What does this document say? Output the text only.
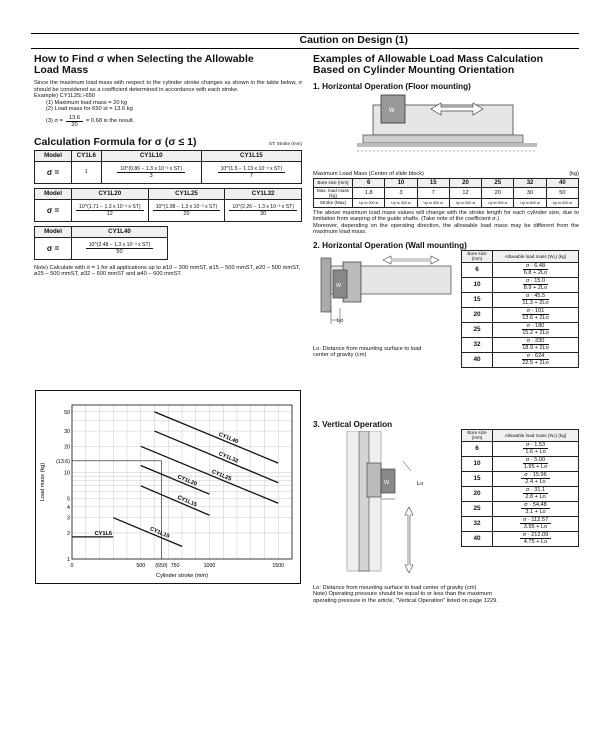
Caution on Design (1)
How to Find σ when Selecting the Allowable Load Mass
Since the maximum load mass with respect to the cylinder stroke changes as shown in the table below, σ should be considered as a coefficient determined in accordance with each stroke.
Example) CY1L25□-650
(1) Maximum load mass = 20 kg
(2) Load mass for 650 st = 13.6 kg
(3) $\sigma = \frac{13.6}{20} = 0.68$ is the result.
Calculation Formula for σ (σ ≤ 1)	ST: Stroke (mm)
Model	CY1L6	CY1L10	CY1L15
σ =	1	$\frac{\text{10\textasciicircum{}(0.86 − 1.3 x 10⁻³ x ST)}}{3}$	$\frac{\text{10\textasciicircum{}(1.5 − 1.13 x 10⁻³ x ST)}}{7}$
Model	CY1L20	CY1L25	CY1L32
σ =	$\frac{\text{10\textasciicircum{}(1.71 − 1.3 x 10⁻³ x ST)}}{12}$	$\frac{\text{10\textasciicircum{}(1.98 − 1.3 x 10⁻³ x ST)}}{20}$	$\frac{\text{10\textasciicircum{}(2.26 − 1.3 x 10⁻³ x ST)}}{30}$
Model	CY1L40
σ =	$\frac{\text{10\textasciicircum{}(2.48 − 1.3 x 10⁻³ x ST)}}{50}$
Note) Calculate with σ = 1 for all applications up to ø10 – 300 mmST, ø15 – 500 mmST, ø20 – 500 mmST, ø25 – 500 mmST, ø32 – 600 mmST and ø40 – 600 mmST.
CY1L6	CY1L10
CY1L15
CY1L20 CY1L25
CY1L32
CY1L40
50
30
20
(13.6)
10
5
4
3
2
1
0	500 (650) 750	1000	1500
Cylinder stroke (mm)
Load mass (kg)
Examples of Allowable Load Mass Calculation Based on Cylinder Mounting Orientation
1. Horizontal Operation (Floor mounting)
W
Maximum Load Mass (Center of slide block)	(kg)
Bore size (mm)	6	10	15	20	25	32	40
Max. load mass (kg)	1.8	3	7	12	20	30	50
Stroke (Max)	Up to 300 st	Up to 300 st	Up to 500 st	Up to 500 st	Up to 500 st	Up to 600 st	Up to 600 st
The above maximum load mass values will change with the stroke length for each cylinder size, due to limitation from warping of the guide shafts. (Take note of the coefficient σ.)
Moreover, depending on the operating direction, the allowable load mass may be different from the maximum load mass.
2. Horizontal Operation (Wall mounting)
W
Lo
Lo: Distance from mounting surface to load center of gravity (cm)
Bore size (mm)	Allowable load mass (W₂) (kg)
6	$\frac{\sigma \cdot 6.48}{6.8 + 2Lo}$

10	$\frac{\sigma \cdot 15.0}{8.9 + 2Lo}$

15	$\frac{\sigma \cdot 45.5}{11.3 + 2Lo}$

20	$\frac{\sigma \cdot 101}{13.6 + 2Lo}$

25	$\frac{\sigma \cdot 180}{15.2 + 2Lo}$

32	$\frac{\sigma \cdot 330}{18.9 + 2Lo}$

40	$\frac{\sigma \cdot 624}{22.5 + 2Lo}$
3. Vertical Operation
W	Lo
Bore size (mm)	Allowable load mass (W₃) (kg)
6	$\frac{\sigma \cdot 1.53}{1.6 + Lo}$

10	$\frac{\sigma \cdot 5.00}{1.95 + Lo}$

15	$\frac{\sigma \cdot 15.96}{2.4 + Lo}$

20	$\frac{\sigma \cdot 31.1}{2.8 + Lo}$

25	$\frac{\sigma \cdot 54.48}{3.1 + Lo}$

32	$\frac{\sigma \cdot 112.57}{3.95 + Lo}$

40	$\frac{\sigma \cdot 212.09}{4.75 + Lo}$
Lo: Distance from mounting surface to load center of gravity (cm)
Note) Operating pressure should be equal to or less than the maximum operating pressure in the article, "Vertical Operation" listed on page 1229.
